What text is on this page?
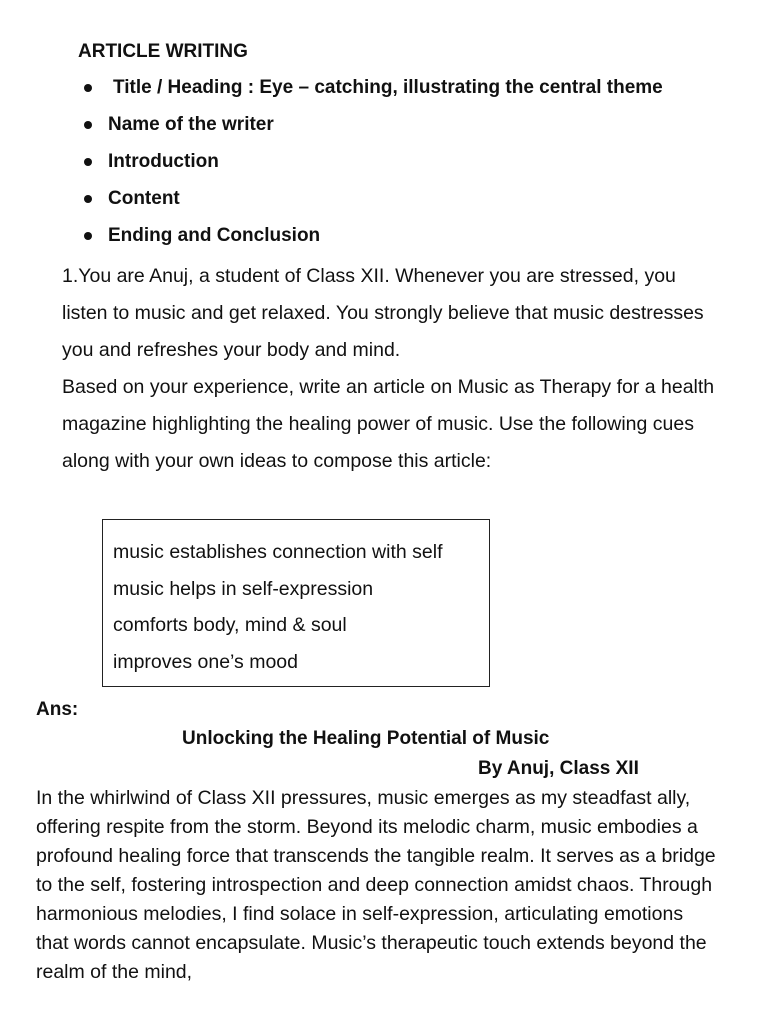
ARTICLE WRITING
Title / Heading : Eye – catching, illustrating the central theme
Name of the writer
Introduction
Content
Ending and Conclusion

1.You are Anuj, a student of Class XII. Whenever you are stressed, you listen to music and get relaxed. You strongly believe that music destresses you and refreshes your body and mind.

Based on your experience, write an article on Music as Therapy for a health magazine highlighting the healing power of music. Use the following cues along with your own ideas to compose this article:

music establishes connection with self
music helps in self-expression
comforts body, mind & soul
improves one’s mood
Ans:
Unlocking the Healing Potential of Music
By Anuj, Class XII

In the whirlwind of Class XII pressures, music emerges as my steadfast ally, offering respite from the storm. Beyond its melodic charm, music embodies a profound healing force that transcends the tangible realm. It serves as a bridge to the self, fostering introspection and deep connection amidst chaos. Through harmonious melodies, I find solace in self-expression, articulating emotions that words cannot encapsulate. Music’s therapeutic touch extends beyond the realm of the mind,
